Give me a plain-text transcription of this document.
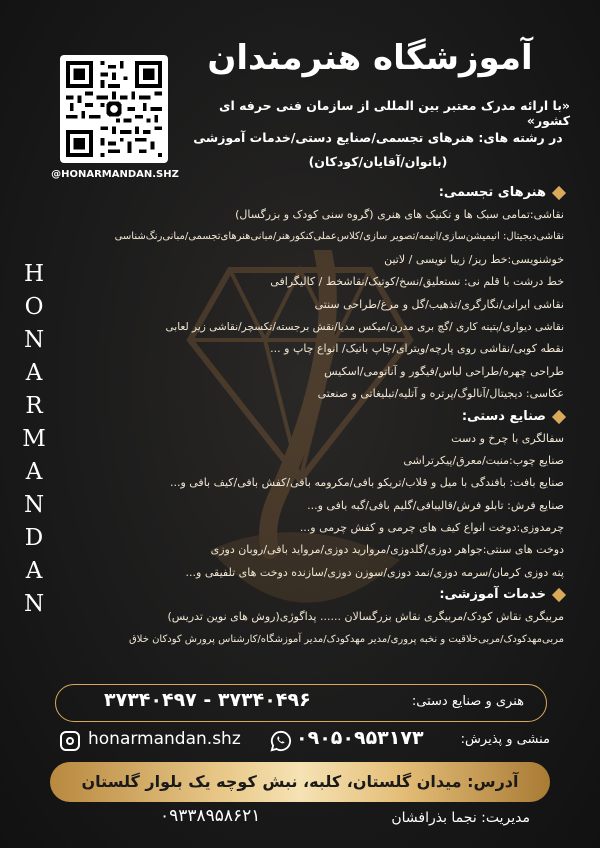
@HONARMANDAN.SHZ
آموزشگاه هنرمندان
«با ارائه مدرک معتبر بین المللی از سازمان فنی حرفه ای کشور»
در رشته های: هنرهای تجسمی/صنایع دستی/خدمات آموزشی
(بانوان/آقایان/کودکان)
H
O
N
A
R
M
A
N
D
A
N
هنرهای تجسمی:
نقاشی:تمامی سبک ها و تکنیک های هنری (گروه سنی کودک و بزرگسال)
نقاشی‌دیجیتال: انیمیشن‌سازی/انیمه/تصویر سازی/کلاس‌عملی‌کنکور‌هنر/مبانی‌هنرهای‌تجسمی/مبانی‌رنگ‌شناسی
خوشنویسی:خط ریز/ زیبا نویسی / لاتین
خط درشت با قلم نی: نستعلیق/نسخ/کوتیک/نقاشخط / کالیگرافی
نقاشی ایرانی/نگارگری/تذهیب/گل و مرغ/طراحی سنتی
نقاشی دیواری/پتینه کاری /گچ بری مدرن/میکس مدیا/نقش برجسته/تکسچر/نقاشی زیر لعابی
نقطه کوبی/نقاشی روی پارچه/ویترای/چاپ باتیک/ انواع چاپ و ...
طراحی چهره/طراحی لباس/فیگور و آناتومی/اسکیس
عکاسی: دیجیتال/آنالوگ/پرتره و آتلیه/تبلیغاتی و صنعتی
صنایع دستی:
سفالگری با چرخ و دست
صنایع چوب:منبت/معرق/پیکرتراشی
صنایع بافت: بافندگی با میل و قلاب/تریکو بافی/مکرومه بافی/کفش بافی/کیف بافی و...
صنایع فرش: تابلو فرش/قالیبافی/گلیم بافی/گبه بافی و...
چرمدوزی:دوخت انواع کیف های چرمی و کفش چرمی و...
دوخت های سنتی:جواهر دوزی/گلدوزی/مروارید دوزی/مرواید بافی/روبان دوزی
پته دوزی کرمان/سرمه دوزی/نمد دوزی/سوزن دوزی/سازنده دوخت های تلفیقی و...
خدمات آموزشی:
مربیگری نقاش کودک/مربیگری نقاش بزرگسالان ...... پداگوژی(روش های نوین تدریس)
مربی‌مهدکودک/مربی‌خلاقیت و نخبه پروری/مدیر مهدکودک/مدیر آموزشگاه/کارشناس پرورش کودکان خلاق
هنری و صنایع دستی:
۳۷۳۴۰۴۹۷ - ۳۷۳۴۰۴۹۶
honarmandan.shz	۰۹۰۵۰۹۵۳۱۷۳	منشی و پذیرش:
آدرس: میدان گلستان، کلبه، نبش کوچه یک بلوار گلستان
مدیریت: نجما بذرافشان
۰۹۳۳۸۹۵۸۶۲۱
